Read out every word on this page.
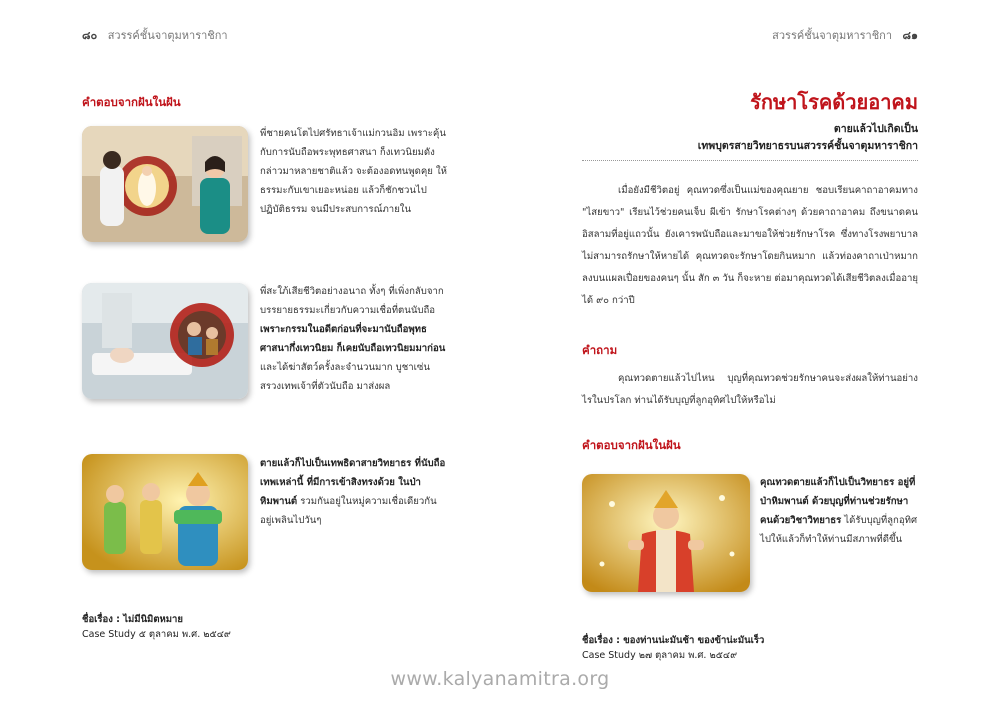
๘๐ สวรรค์ชั้นจาตุมหาราชิกา
คำตอบจากฝันในฝัน
พี่ชายคนโตไปศรัทธาเจ้าแม่กวนอิม เพราะคุ้นกับการนับถือพระพุทธศาสนา ก็งเทวนิยมดังกล่าวมาหลายชาติแล้ว จะต้องอดทนพูดคุย ให้ธรรมะกับเขาเยอะหน่อย แล้วก็ชักชวนไปปฏิบัติธรรม จนมีประสบการณ์ภายใน
พี่สะใภ้เสียชีวิตอย่างอนาถ ทั้งๆ ที่เพิ่งกลับจากบรรยายธรรมะเกี่ยวกับความเชื่อที่ตนนับถือ เพราะกรรมในอดีตก่อนที่จะมานับถือพุทธศาสนากึ่งเทวนิยม ก็เคยนับถือเทวนิยมมาก่อนและได้ฆ่าสัตว์ครั้งละจำนวนมาก บูชาเซ่นสรวงเทพเจ้าที่ตัวนับถือ มาส่งผล
ตายแล้วก็ไปเป็นเทพธิดาสายวิทยาธร ที่นับถือเทพเหล่านี้ ที่มีการเข้าสิงทรงด้วย ในป่าหิมพานต์ รวมกันอยู่ในหมู่ความเชื่อเดียวกัน อยู่เพลินไปวันๆ
ชื่อเรื่อง : ไม่มีนิมิตหมาย
Case Study ๕ ตุลาคม พ.ศ. ๒๕๔๙
สวรรค์ชั้นจาตุมหาราชิกา ๘๑
รักษาโรคด้วยอาคม
ตายแล้วไปเกิดเป็น
เทพบุตรสายวิทยาธรบนสวรรค์ชั้นจาตุมหาราชิกา
เมื่อยังมีชีวิตอยู่ คุณทวดซึ่งเป็นแม่ของคุณยาย ชอบเรียนคาถาอาคมทาง "ไสยขาว" เรียนไว้ช่วยคนเจ็บ ผีเข้า รักษาโรคต่างๆ ด้วยคาถาอาคม ถึงขนาดคนอิสลามที่อยู่แถวนั้น ยังเคารพนับถือและมาขอให้ช่วยรักษาโรค ซึ่งทางโรงพยาบาลไม่สามารถรักษาให้หายได้ คุณทวดจะรักษาโดยกินหมาก แล้วท่องคาถาเป่าหมากลงบนแผลเปื่อยของคนๆ นั้น สัก ๓ วัน ก็จะหาย ต่อมาคุณทวดได้เสียชีวิตลงเมื่ออายุได้ ๙๐ กว่าปี
คำถาม
คุณทวดตายแล้วไปไหน บุญที่คุณทวดช่วยรักษาคนจะส่งผลให้ท่านอย่างไรในปรโลก ท่านได้รับบุญที่ลูกอุทิศไปให้หรือไม่
คำตอบจากฝันในฝัน
คุณทวดตายแล้วก็ไปเป็นวิทยาธร อยู่ที่ป่าหิมพานต์ ด้วยบุญที่ท่านช่วยรักษาคนด้วยวิชาวิทยาธร ได้รับบุญที่ลูกอุทิศไปให้แล้วก็ทำให้ท่านมีสภาพที่ดีขึ้น
ชื่อเรื่อง : ของท่านน่ะมันช้า ของข้าน่ะมันเร็ว
Case Study ๒๗ ตุลาคม พ.ศ. ๒๕๔๙
www.kalyanamitra.org
